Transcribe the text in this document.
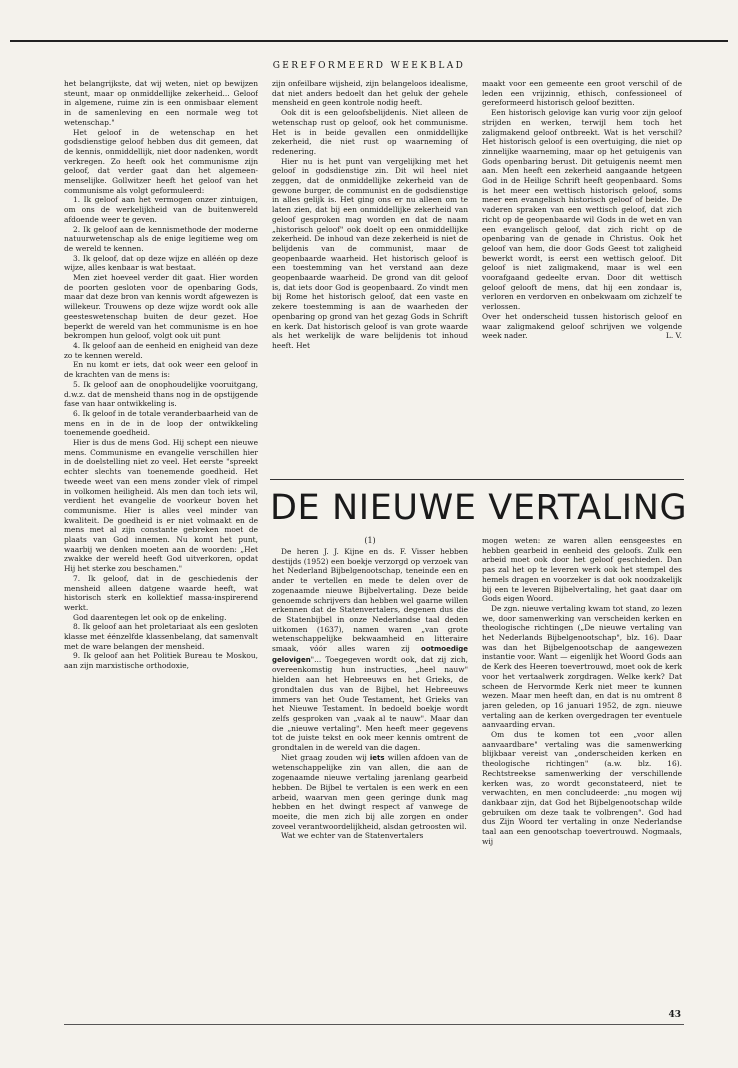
GEREFORMEERD WEEKBLAD

het belangrijkste, dat wij weten, niet op bewijzen steunt, maar op onmiddellijke zekerheid... Geloof in algemene, ruime zin is een onmisbaar element in de samenleving en een normale weg tot wetenschap."

Het geloof in de wetenschap en het godsdienstige geloof hebben dus dit gemeen, dat de kennis, onmiddellijk, niet door nadenken, wordt verkregen. Zo heeft ook het communisme zijn geloof, dat verder gaat dan het algemeen-menselijke. Gollwitzer heeft het geloof van het communisme als volgt geformuleerd:

1. Ik geloof aan het vermogen onzer zintuigen, om ons de werkelijkheid van de buitenwereld afdoende weer te geven.

2. Ik geloof aan de kennismethode der moderne natuurwetenschap als de enige legitieme weg om de wereld te kennen.

3. Ik geloof, dat op deze wijze en alléén op deze wijze, alles kenbaar is wat bestaat.

Men ziet hoeveel verder dit gaat. Hier worden de poorten gesloten voor de openbaring Gods, maar dat deze bron van kennis wordt afgewezen is willekeur. Trouwens op deze wijze wordt ook alle geesteswetenschap buiten de deur gezet. Hoe beperkt de wereld van het communisme is en hoe bekrompen hun geloof, volgt ook uit punt

4. Ik geloof aan de eenheid en enigheid van deze zo te kennen wereld.

En nu komt er iets, dat ook weer een geloof in de krachten van de mens is:

5. Ik geloof aan de onophoudelijke vooruitgang, d.w.z. dat de mensheid thans nog in de opstijgende fase van haar ontwikkeling is.

6. Ik geloof in de totale veranderbaarheid van de mens en in de in de loop der ontwikkeling toenemende goedheid.

Hier is dus de mens God. Hij schept een nieuwe mens. Communisme en evangelie verschillen hier in de doelstelling niet zo veel. Het eerste "spreekt echter slechts van toenemende goedheid. Het tweede weet van een mens zonder vlek of rimpel in volkomen heiligheid. Als men dan toch iets wil, verdient het evangelie de voorkeur boven het communisme. Hier is alles veel minder van kwaliteit. De goedheid is er niet volmaakt en de mens met al zijn constante gebreken moet de plaats van God innemen. Nu komt het punt, waarbij we denken moeten aan de woorden: „Het zwakke der wereld heeft God uitverkoren, opdat Hij het sterke zou beschamen."

7. Ik geloof, dat in de geschiedenis der mensheid alleen datgene waarde heeft, wat historisch sterk en kollektief massa-inspirerend werkt.

God daarentegen let ook op de enkeling.

8. Ik geloof aan het proletariaat als een gesloten klasse met éénzelfde klassenbelang, dat samenvalt met de ware belangen der mensheid.

9. Ik geloof aan het Politiek Bureau te Moskou, aan zijn marxistische orthodoxie,

zijn onfeilbare wijsheid, zijn belangeloos idealisme, dat niet anders bedoelt dan het geluk der gehele mensheid en geen kontrole nodig heeft.

Ook dit is een geloofsbelijdenis. Niet alleen de wetenschap rust op geloof, ook het communisme. Het is in beide gevallen een onmiddellijke zekerheid, die niet rust op waarneming of redenering.

Hier nu is het punt van vergelijking met het geloof in godsdienstige zin. Dit wil heel niet zeggen, dat de onmiddellijke zekerheid van de gewone burger, de communist en de godsdienstige in alles gelijk is. Het ging ons er nu alleen om te laten zien, dat bij een onmiddellijke zekerheid van geloof gesproken mag worden en dat de naam „historisch geloof" ook doelt op een onmiddellijke zekerheid. De inhoud van deze zekerheid is niet de belijdenis van de communist, maar de geopenbaarde waarheid. Het historisch geloof is een toestemming van het verstand aan deze geopenbaarde waarheid. De grond van dit geloof is, dat iets door God is geopenbaard. Zo vindt men bij Rome het historisch geloof, dat een vaste en zekere toestemming is aan de waarheden der openbaring op grond van het gezag Gods in Schrift en kerk. Dat historisch geloof is van grote waarde als het werkelijk de ware belijdenis tot inhoud heeft. Het

maakt voor een gemeente een groot verschil of de leden een vrijzinnig, ethisch, confessioneel of gereformeerd historisch geloof bezitten.

Een historisch gelovige kan vurig voor zijn geloof strijden en werken, terwijl hem toch het zaligmakend geloof ontbreekt. Wat is het verschil? Het historisch geloof is een overtuiging, die niet op zinnelijke waarneming, maar op het getuigenis van Gods openbaring berust. Dit getuigenis neemt men aan. Men heeft een zekerheid aangaande hetgeen God in de Heilige Schrift heeft geopenbaard. Soms is het meer een wettisch historisch geloof, soms meer een evangelisch historisch geloof of beide. De vaderen spraken van een wettisch geloof, dat zich richt op de geopenbaarde wil Gods in de wet en van een evangelisch geloof, dat zich richt op de openbaring van de genade in Christus. Ook het geloof van hem, die door Gods Geest tot zaligheid bewerkt wordt, is eerst een wettisch geloof. Dit geloof is niet zaligmakend, maar is wel een voorafgaand gedeelte ervan. Door dit wettisch geloof gelooft de mens, dat hij een zondaar is, verloren en verdorven en onbekwaam om zichzelf te verlossen.

Over het onderscheid tussen historisch geloof en waar zaligmakend geloof schrijven we volgende week nader.	L. V.
DE NIEUWE VERTALING
(1)

De heren J. J. Kijne en ds. F. Visser hebben destijds (1952) een boekje verzorgd op verzoek van het Nederland Bijbelgenootschap, teneinde een en ander te vertellen en mede te delen over de zogenaamde nieuwe Bijbelvertaling. Deze beide genoemde schrijvers dan hebben wel gaarne willen erkennen dat de Statenvertalers, degenen dus die de Statenbijbel in onze Nederlandse taal deden uitkomen (1637), namen waren „van grote wetenschappelijke bekwaamheid en litteraire smaak, vóór alles waren zij ootmoedige gelovigen"... Toegegeven wordt ook, dat zij zich, overeenkomstig hun instructies, „heel nauw" hielden aan het Hebreeuws en het Grieks, de grondtalen dus van de Bijbel, het Hebreeuws immers van het Oude Testament, het Grieks van het Nieuwe Testament. In bedoeld boekje wordt zelfs gesproken van „vaak al te nauw". Maar dan die „nieuwe vertaling". Men heeft meer gegevens tot de juiste tekst en ook meer kennis omtrent de grondtalen in de wereld van die dagen.

Niet graag zouden wij iets willen afdoen van de wetenschappelijke zin van allen, die aan de zogenaamde nieuwe vertaling jarenlang gearbeid hebben. De Bijbel te vertalen is een werk en een arbeid, waarvan men geen geringe dunk mag hebben en het dwingt respect af vanwege de moeite, die men zich bij alle zorgen en onder zoveel verantwoordelijkheid, alsdan getroosten wil.

Wat we echter van de Statenvertalers

mogen weten: ze waren allen eensgeestes en hebben gearbeid in eenheid des geloofs. Zulk een arbeid moet ook door het geloof geschieden. Dan pas zal het op te leveren werk ook het stempel des hemels dragen en voorzeker is dat ook noodzakelijk bij een te leveren Bijbelvertaling, het gaat daar om Gods eigen Woord.

De zgn. nieuwe vertaling kwam tot stand, zo lezen we, door samenwerking van verscheiden kerken en theologische richtingen („De nieuwe vertaling van het Nederlands Bijbelgenootschap", blz. 16). Daar was dan het Bijbelgenootschap de aangewezen instantie voor. Want — eigenlijk het Woord Gods aan de Kerk des Heeren toevertrouwd, moet ook de kerk voor het vertaalwerk zorgdragen. Welke kerk? Dat scheen de Hervormde Kerk niet meer te kunnen wezen. Maar men heeft dan, en dat is nu omtrent 8 jaren geleden, op 16 januari 1952, de zgn. nieuwe vertaling aan de kerken overgedragen ter eventuele aanvaarding ervan.

Om dus te komen tot een „voor allen aanvaardbare" vertaling was die samenwerking blijkbaar vereist van „onderscheiden kerken en theologische richtingen" (a.w. blz. 16). Rechtstreekse samenwerking der verschillende kerken was, zo wordt geconstateerd, niet te verwachten, en men concludeerde: „nu mogen wij dankbaar zijn, dat God het Bijbelgenootschap wilde gebruiken om deze taak te volbrengen". God had dus Zijn Woord ter vertaling in onze Nederlandse taal aan een genootschap toevertrouwd. Nogmaals, wij

43
